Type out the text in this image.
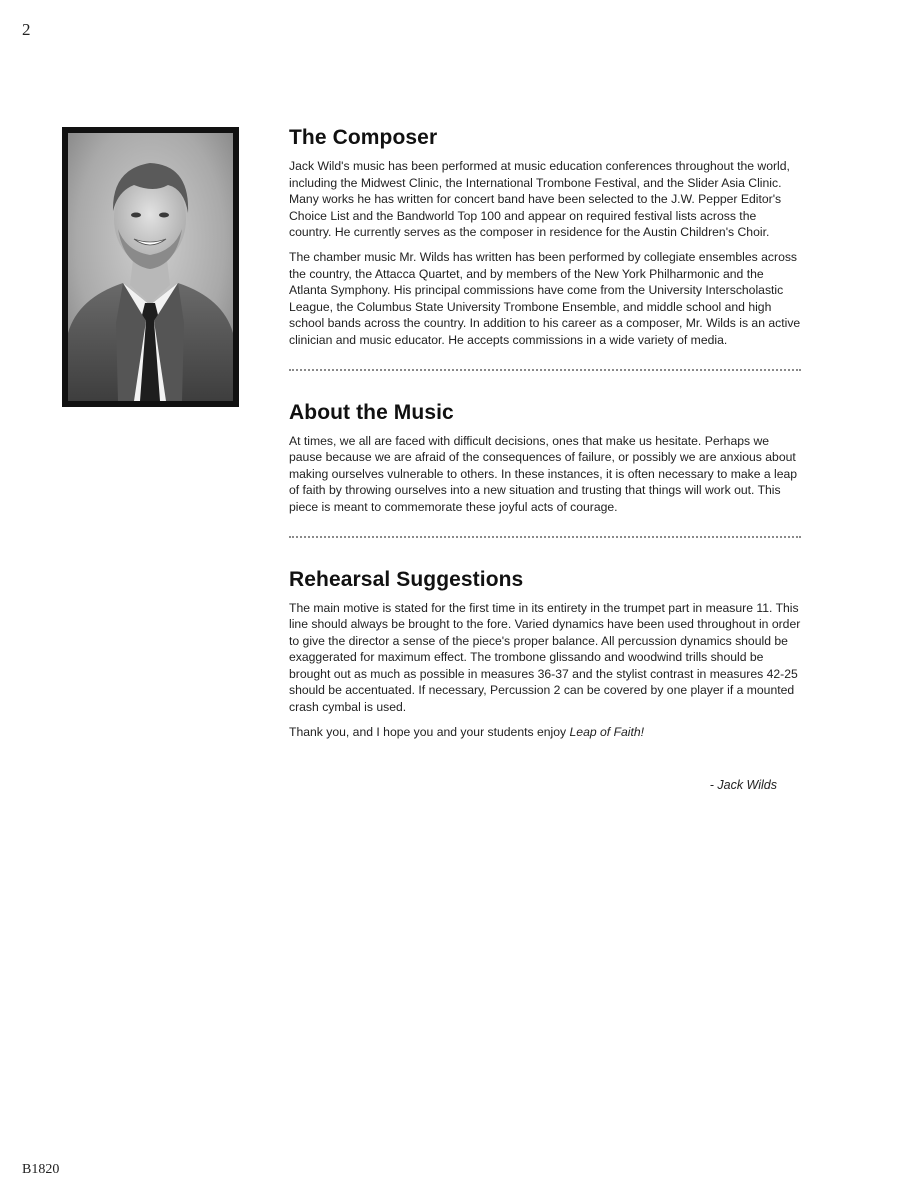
2
The Composer

Jack Wild's music has been performed at music education conferences throughout the world, including the Midwest Clinic, the International Trombone Festival, and the Slider Asia Clinic. Many works he has written for concert band have been selected to the J.W. Pepper Editor's Choice List and the Bandworld Top 100 and appear on required festival lists across the country. He currently serves as the composer in residence for the Austin Children's Choir.

The chamber music Mr. Wilds has written has been performed by collegiate ensembles across the country, the Attacca Quartet, and by members of the New York Philharmonic and the Atlanta Symphony. His principal commissions have come from the University Interscholastic League, the Columbus State University Trombone Ensemble, and middle school and high school bands across the country. In addition to his career as a composer, Mr. Wilds is an active clinician and music educator. He accepts commissions in a wide variety of media.

About the Music

At times, we all are faced with difficult decisions, ones that make us hesitate. Perhaps we pause because we are afraid of the consequences of failure, or possibly we are anxious about making ourselves vulnerable to others. In these instances, it is often necessary to make a leap of faith by throwing ourselves into a new situation and trusting that things will work out. This piece is meant to commemorate these joyful acts of courage.

Rehearsal Suggestions

The main motive is stated for the first time in its entirety in the trumpet part in measure 11. This line should always be brought to the fore. Varied dynamics have been used throughout in order to give the director a sense of the piece's proper balance. All percussion dynamics should be exaggerated for maximum effect. The trombone glissando and woodwind trills should be brought out as much as possible in measures 36-37 and the stylist contrast in measures 42-25 should be accentuated. If necessary, Percussion 2 can be covered by one player if a mounted crash cymbal is used.

Thank you, and I hope you and your students enjoy Leap of Faith!

- Jack Wilds
B1820
